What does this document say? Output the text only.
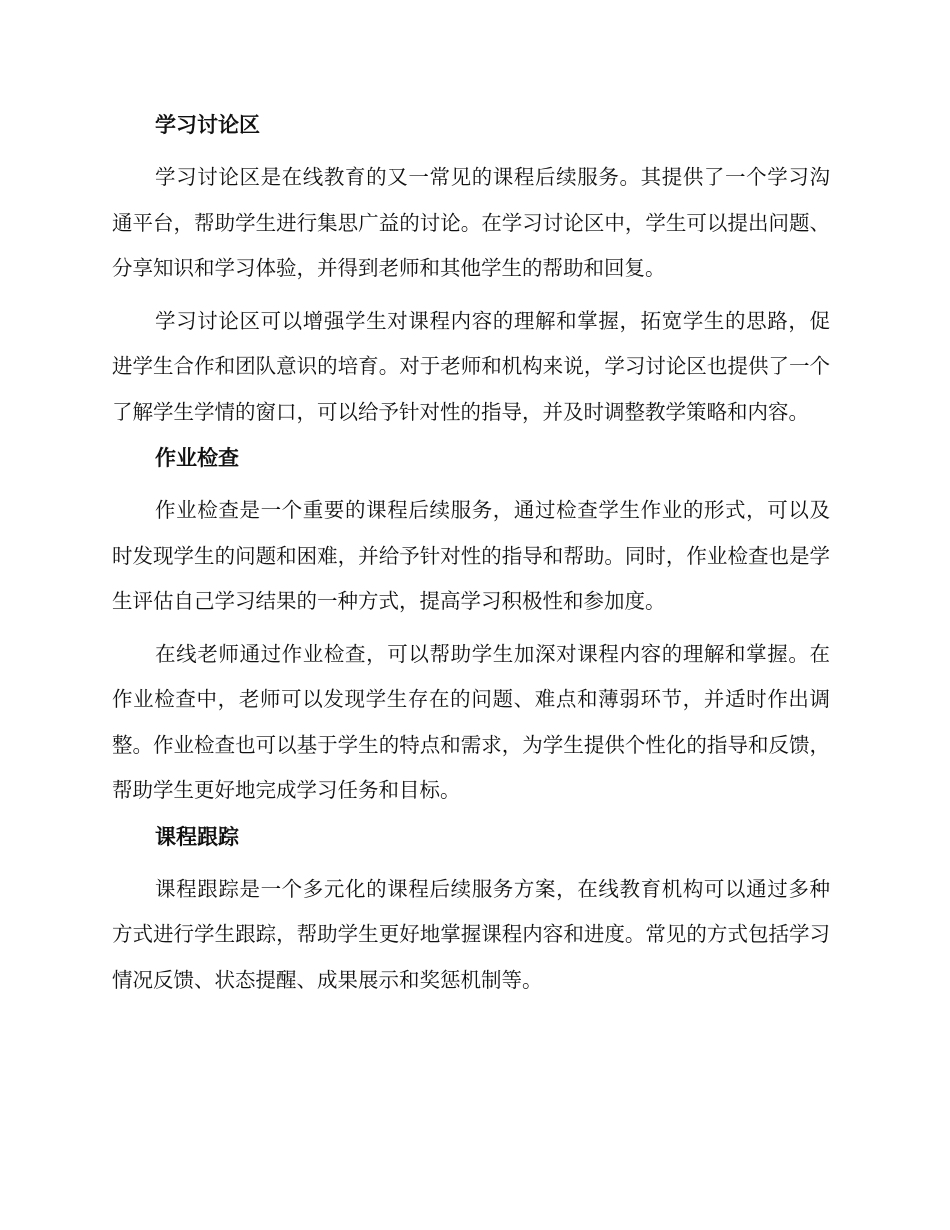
学习讨论区

学习讨论区是在线教育的又一常见的课程后续服务。其提供了一个学习沟通平台，帮助学生进行集思广益的讨论。在学习讨论区中，学生可以提出问题、分享知识和学习体验，并得到老师和其他学生的帮助和回复。

学习讨论区可以增强学生对课程内容的理解和掌握，拓宽学生的思路，促进学生合作和团队意识的培育。对于老师和机构来说，学习讨论区也提供了一个了解学生学情的窗口，可以给予针对性的指导，并及时调整教学策略和内容。

作业检查

作业检查是一个重要的课程后续服务，通过检查学生作业的形式，可以及时发现学生的问题和困难，并给予针对性的指导和帮助。同时，作业检查也是学生评估自己学习结果的一种方式，提高学习积极性和参加度。

在线老师通过作业检查，可以帮助学生加深对课程内容的理解和掌握。在作业检查中，老师可以发现学生存在的问题、难点和薄弱环节，并适时作出调整。作业检查也可以基于学生的特点和需求，为学生提供个性化的指导和反馈，帮助学生更好地完成学习任务和目标。

课程跟踪

课程跟踪是一个多元化的课程后续服务方案，在线教育机构可以通过多种方式进行学生跟踪，帮助学生更好地掌握课程内容和进度。常见的方式包括学习情况反馈、状态提醒、成果展示和奖惩机制等。
